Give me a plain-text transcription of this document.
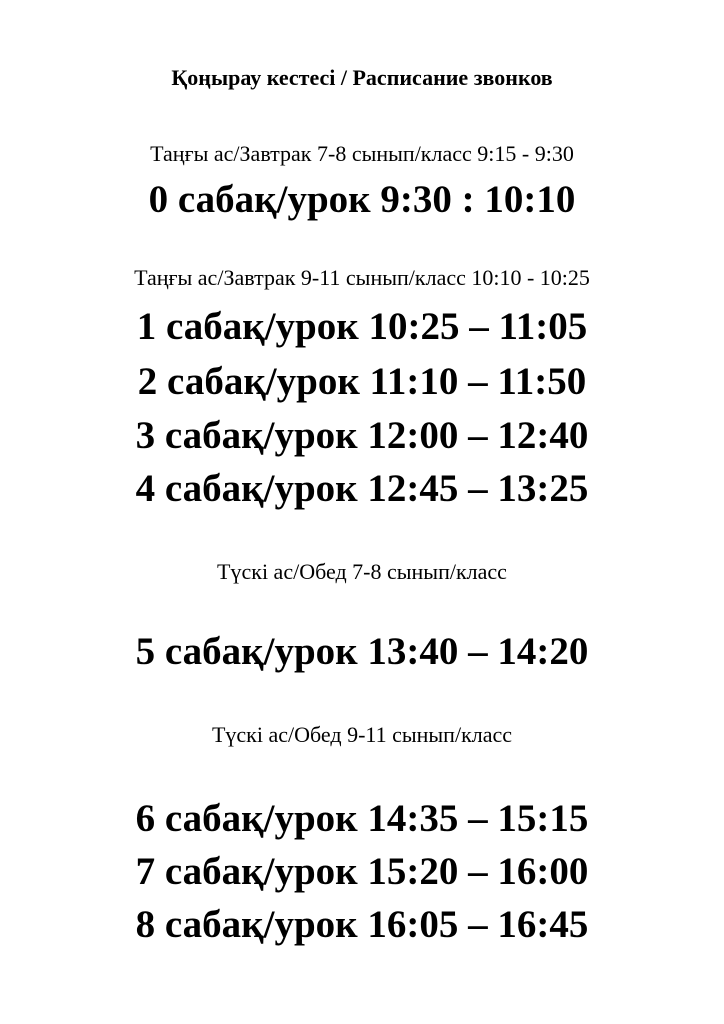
Қоңырау кестесі / Расписание звонков
Таңғы ас/Завтрак 7-8 сынып/класс 9:15 - 9:30
0 сабақ/урок 9:30 : 10:10
Таңғы ас/Завтрак 9-11 сынып/класс 10:10 - 10:25
1 сабақ/урок 10:25 – 11:05
2 сабақ/урок 11:10 – 11:50
3 сабақ/урок 12:00 – 12:40
4 сабақ/урок 12:45 – 13:25
Түскі ас/Обед 7-8 сынып/класс
5 сабақ/урок 13:40 – 14:20
Түскі ас/Обед 9-11 сынып/класс
6 сабақ/урок 14:35 – 15:15
7 сабақ/урок 15:20 – 16:00
8 сабақ/урок 16:05 – 16:45
